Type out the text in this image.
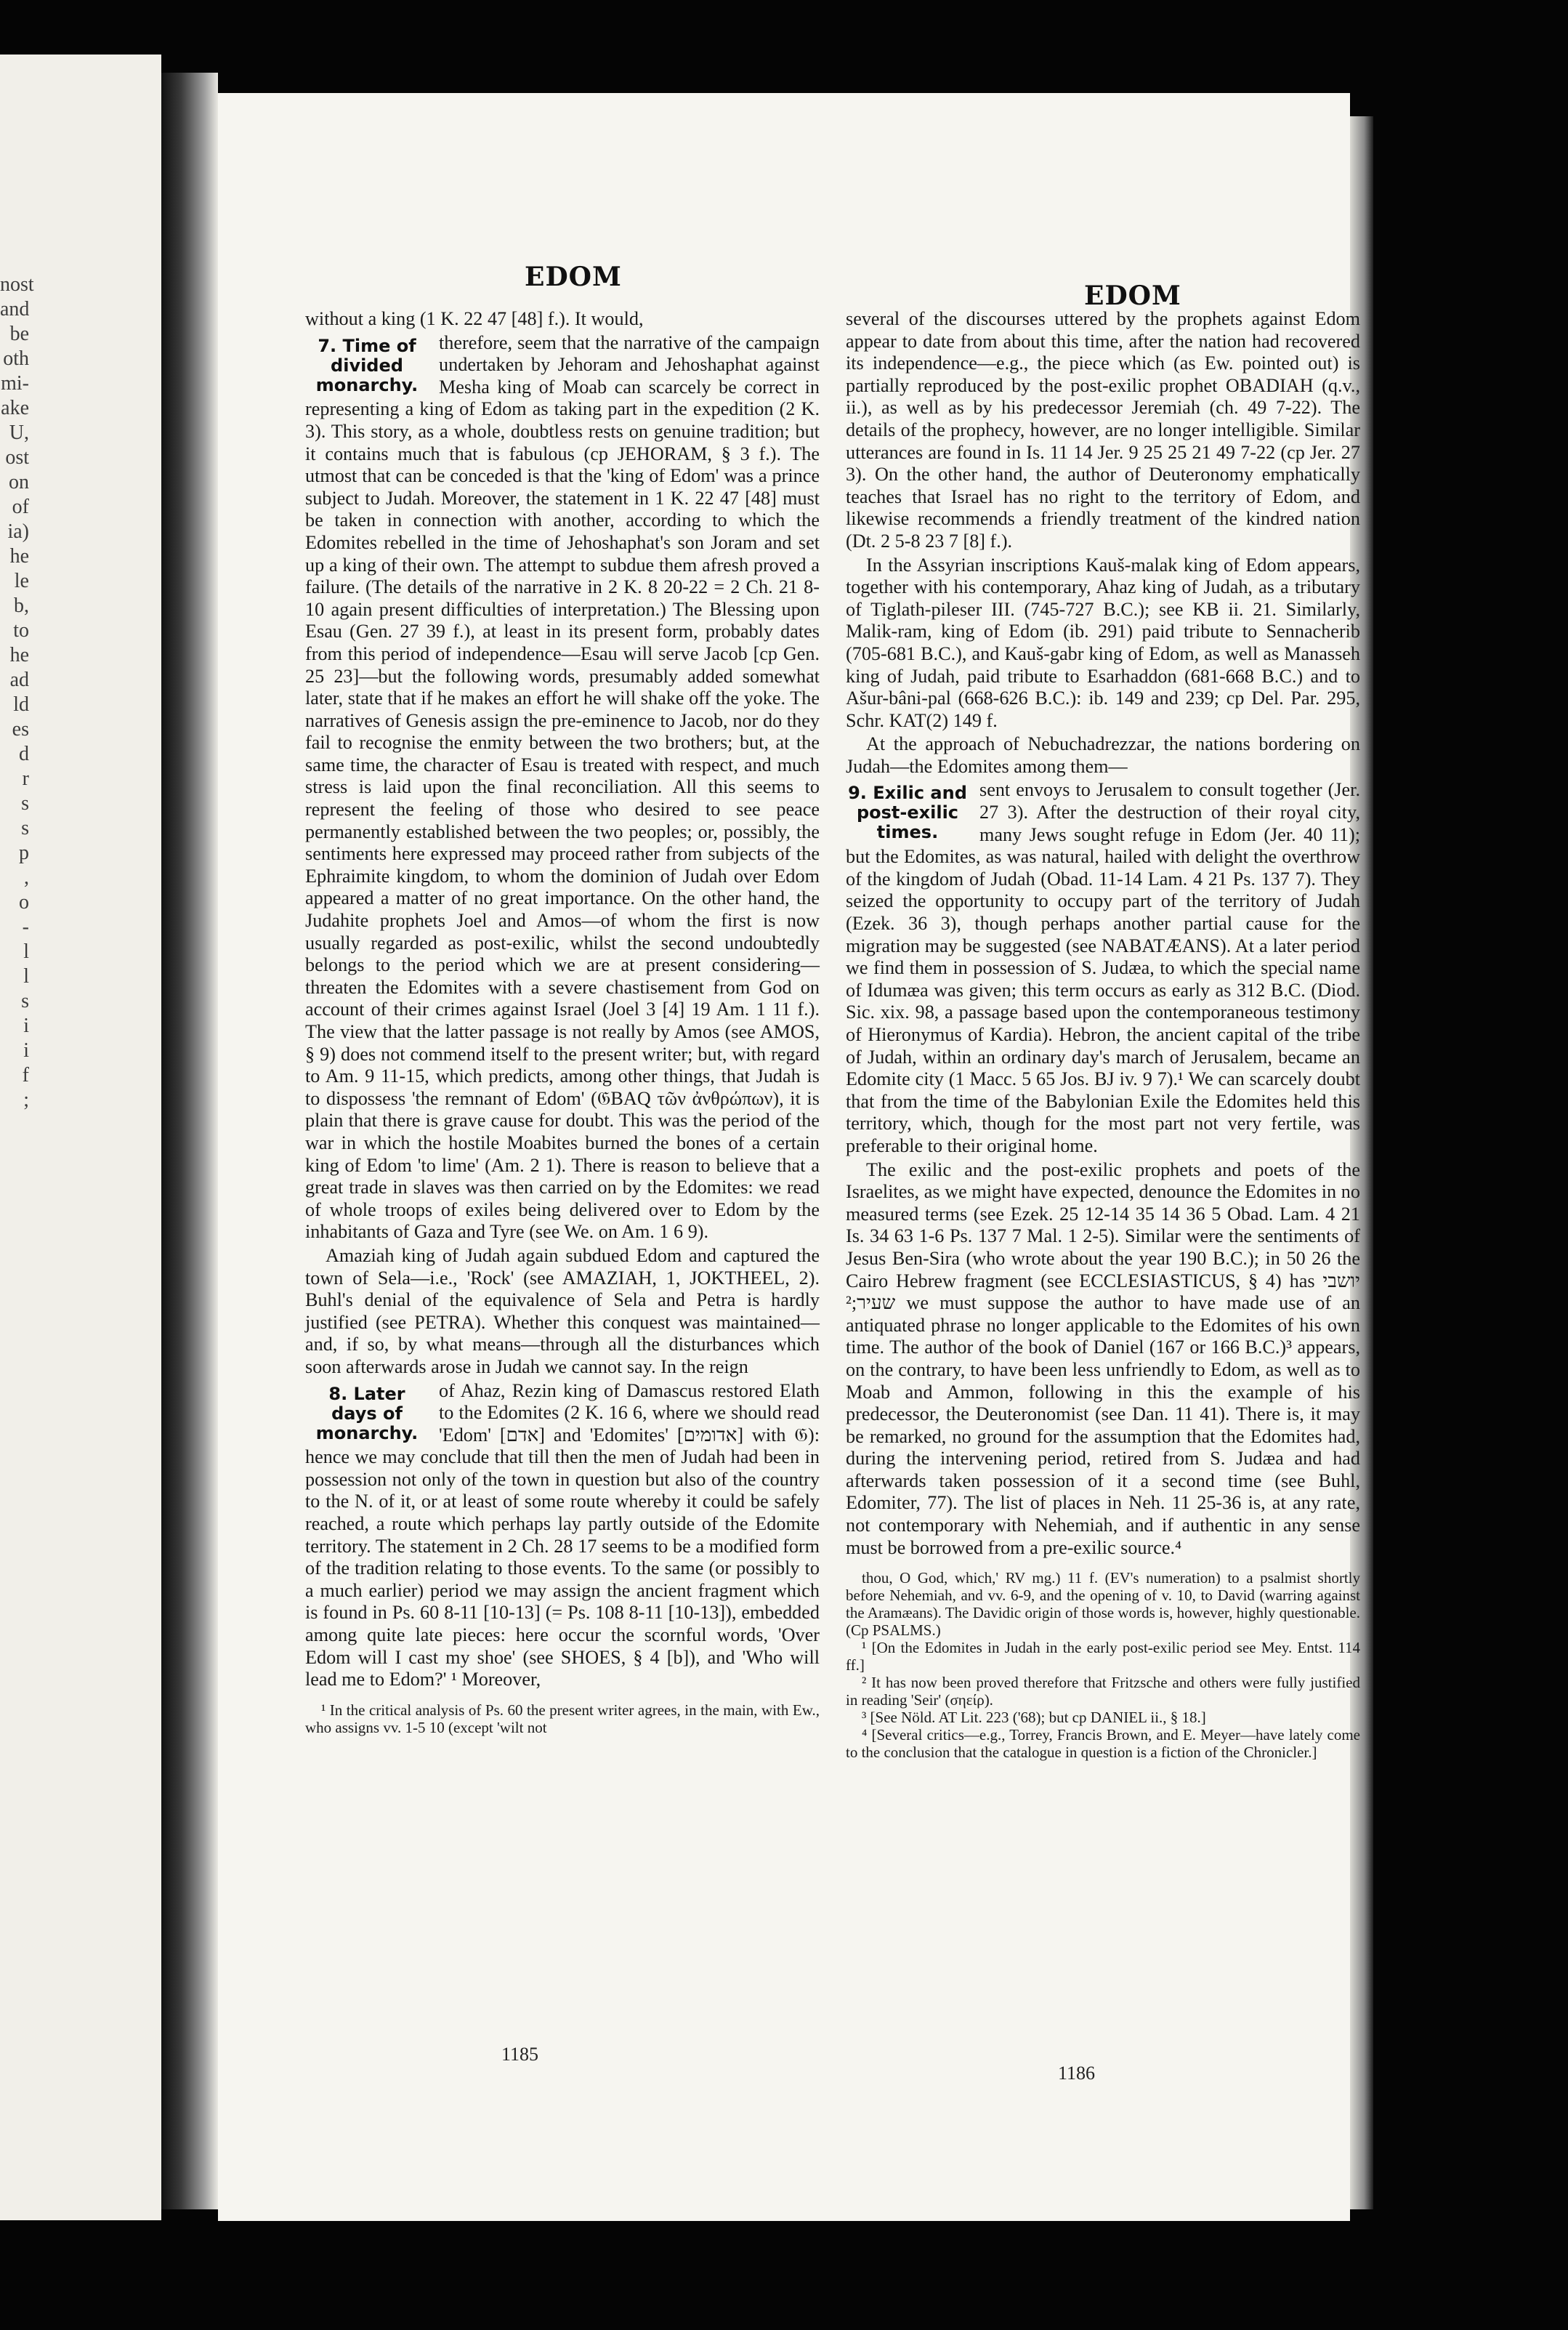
nost
and
be
oth
mi-
ake
U,
ost
on
of
ia)
he
le
b,
to
he
ad
ld
es
d
r
s
s
p
,
o
-
l
l
s
i
i
f
;
EDOM
EDOM

without a king (1 K. 22 47 [48] f.). It would,

7. Time of divided monarchy.
therefore, seem that the narrative of the campaign undertaken by Jehoram and Jehoshaphat against Mesha king of Moab can scarcely be correct in representing a king of Edom as taking part in the expedition (2 K. 3). This story, as a whole, doubtless rests on genuine tradition; but it contains much that is fabulous (cp JEHORAM, § 3 f.). The utmost that can be conceded is that the 'king of Edom' was a prince subject to Judah. Moreover, the statement in 1 K. 22 47 [48] must be taken in connection with another, according to which the Edomites rebelled in the time of Jehoshaphat's son Joram and set up a king of their own. The attempt to subdue them afresh proved a failure. (The details of the narrative in 2 K. 8 20-22 = 2 Ch. 21 8-10 again present difficulties of interpretation.) The Blessing upon Esau (Gen. 27 39 f.), at least in its present form, probably dates from this period of independence—Esau will serve Jacob [cp Gen. 25 23]—but the following words, presumably added somewhat later, state that if he makes an effort he will shake off the yoke. The narratives of Genesis assign the pre-eminence to Jacob, nor do they fail to recognise the enmity between the two brothers; but, at the same time, the character of Esau is treated with respect, and much stress is laid upon the final reconciliation. All this seems to represent the feeling of those who desired to see peace permanently established between the two peoples; or, possibly, the sentiments here expressed may proceed rather from subjects of the Ephraimite kingdom, to whom the dominion of Judah over Edom appeared a matter of no great importance. On the other hand, the Judahite prophets Joel and Amos—of whom the first is now usually regarded as post-exilic, whilst the second undoubtedly belongs to the period which we are at present considering—threaten the Edomites with a severe chastisement from God on account of their crimes against Israel (Joel 3 [4] 19 Am. 1 11 f.). The view that the latter passage is not really by Amos (see AMOS, § 9) does not commend itself to the present writer; but, with regard to Am. 9 11-15, which predicts, among other things, that Judah is to dispossess 'the remnant of Edom' (𝔊BAQ τῶν ἀνθρώπων), it is plain that there is grave cause for doubt. This was the period of the war in which the hostile Moabites burned the bones of a certain king of Edom 'to lime' (Am. 2 1). There is reason to believe that a great trade in slaves was then carried on by the Edomites: we read of whole troops of exiles being delivered over to Edom by the inhabitants of Gaza and Tyre (see We. on Am. 1 6 9).

Amaziah king of Judah again subdued Edom and captured the town of Sela—i.e., 'Rock' (see AMAZIAH, 1, JOKTHEEL, 2). Buhl's denial of the equivalence of Sela and Petra is hardly justified (see PETRA). Whether this conquest was maintained—and, if so, by what means—through all the disturbances which soon afterwards arose in Judah we cannot say. In the reign

8. Later days of monarchy.
of Ahaz, Rezin king of Damascus restored Elath to the Edomites (2 K. 16 6, where we should read 'Edom' [אדם] and 'Edomites' [אדומים] with 𝔊): hence we may conclude that till then the men of Judah had been in possession not only of the town in question but also of the country to the N. of it, or at least of some route whereby it could be safely reached, a route which perhaps lay partly outside of the Edomite territory. The statement in 2 Ch. 28 17 seems to be a modified form of the tradition relating to those events. To the same (or possibly to a much earlier) period we may assign the ancient fragment which is found in Ps. 60 8-11 [10-13] (= Ps. 108 8-11 [10-13]), embedded among quite late pieces: here occur the scornful words, 'Over Edom will I cast my shoe' (see SHOES, § 4 [b]), and 'Who will lead me to Edom?' ¹ Moreover,

¹ In the critical analysis of Ps. 60 the present writer agrees, in the main, with Ew., who assigns vv. 1-5 10 (except 'wilt not

several of the discourses uttered by the prophets against Edom appear to date from about this time, after the nation had recovered its independence—e.g., the piece which (as Ew. pointed out) is partially reproduced by the post-exilic prophet OBADIAH (q.v., ii.), as well as by his predecessor Jeremiah (ch. 49 7-22). The details of the prophecy, however, are no longer intelligible. Similar utterances are found in Is. 11 14 Jer. 9 25 25 21 49 7-22 (cp Jer. 27 3). On the other hand, the author of Deuteronomy emphatically teaches that Israel has no right to the territory of Edom, and likewise recommends a friendly treatment of the kindred nation (Dt. 2 5-8 23 7 [8] f.).

In the Assyrian inscriptions Kauš-malak king of Edom appears, together with his contemporary, Ahaz king of Judah, as a tributary of Tiglath-pileser III. (745-727 B.C.); see KB ii. 21. Similarly, Malik-ram, king of Edom (ib. 291) paid tribute to Sennacherib (705-681 B.C.), and Kauš-gabr king of Edom, as well as Manasseh king of Judah, paid tribute to Esarhaddon (681-668 B.C.) and to Ašur-bâni-pal (668-626 B.C.): ib. 149 and 239; cp Del. Par. 295, Schr. KAT(2) 149 f.

At the approach of Nebuchadrezzar, the nations bordering on Judah—the Edomites among them—

9. Exilic and post-exilic times.
sent envoys to Jerusalem to consult together (Jer. 27 3). After the destruction of their royal city, many Jews sought refuge in Edom (Jer. 40 11); but the Edomites, as was natural, hailed with delight the overthrow of the kingdom of Judah (Obad. 11-14 Lam. 4 21 Ps. 137 7). They seized the opportunity to occupy part of the territory of Judah (Ezek. 36 3), though perhaps another partial cause for the migration may be suggested (see NABATÆANS). At a later period we find them in possession of S. Judæa, to which the special name of Idumæa was given; this term occurs as early as 312 B.C. (Diod. Sic. xix. 98, a passage based upon the contemporaneous testimony of Hieronymus of Kardia). Hebron, the ancient capital of the tribe of Judah, within an ordinary day's march of Jerusalem, became an Edomite city (1 Macc. 5 65 Jos. BJ iv. 9 7).¹ We can scarcely doubt that from the time of the Babylonian Exile the Edomites held this territory, which, though for the most part not very fertile, was preferable to their original home.

The exilic and the post-exilic prophets and poets of the Israelites, as we might have expected, denounce the Edomites in no measured terms (see Ezek. 25 12-14 35 14 36 5 Obad. Lam. 4 21 Is. 34 63 1-6 Ps. 137 7 Mal. 1 2-5). Similar were the sentiments of Jesus Ben-Sira (who wrote about the year 190 B.C.); in 50 26 the Cairo Hebrew fragment (see ECCLESIASTICUS, § 4) has יושבי שעיר;² we must suppose the author to have made use of an antiquated phrase no longer applicable to the Edomites of his own time. The author of the book of Daniel (167 or 166 B.C.)³ appears, on the contrary, to have been less unfriendly to Edom, as well as to Moab and Ammon, following in this the example of his predecessor, the Deuteronomist (see Dan. 11 41). There is, it may be remarked, no ground for the assumption that the Edomites had, during the intervening period, retired from S. Judæa and had afterwards taken possession of it a second time (see Buhl, Edomiter, 77). The list of places in Neh. 11 25-36 is, at any rate, not contemporary with Nehemiah, and if authentic in any sense must be borrowed from a pre-exilic source.⁴

thou, O God, which,' RV mg.) 11 f. (EV's numeration) to a psalmist shortly before Nehemiah, and vv. 6-9, and the opening of v. 10, to David (warring against the Aramæans). The Davidic origin of those words is, however, highly questionable. (Cp PSALMS.)

¹ [On the Edomites in Judah in the early post-exilic period see Mey. Entst. 114 ff.]

² It has now been proved therefore that Fritzsche and others were fully justified in reading 'Seir' (σηείρ).

³ [See Nöld. AT Lit. 223 ('68); but cp DANIEL ii., § 18.]

⁴ [Several critics—e.g., Torrey, Francis Brown, and E. Meyer—have lately come to the conclusion that the catalogue in question is a fiction of the Chronicler.]

1185
1186
